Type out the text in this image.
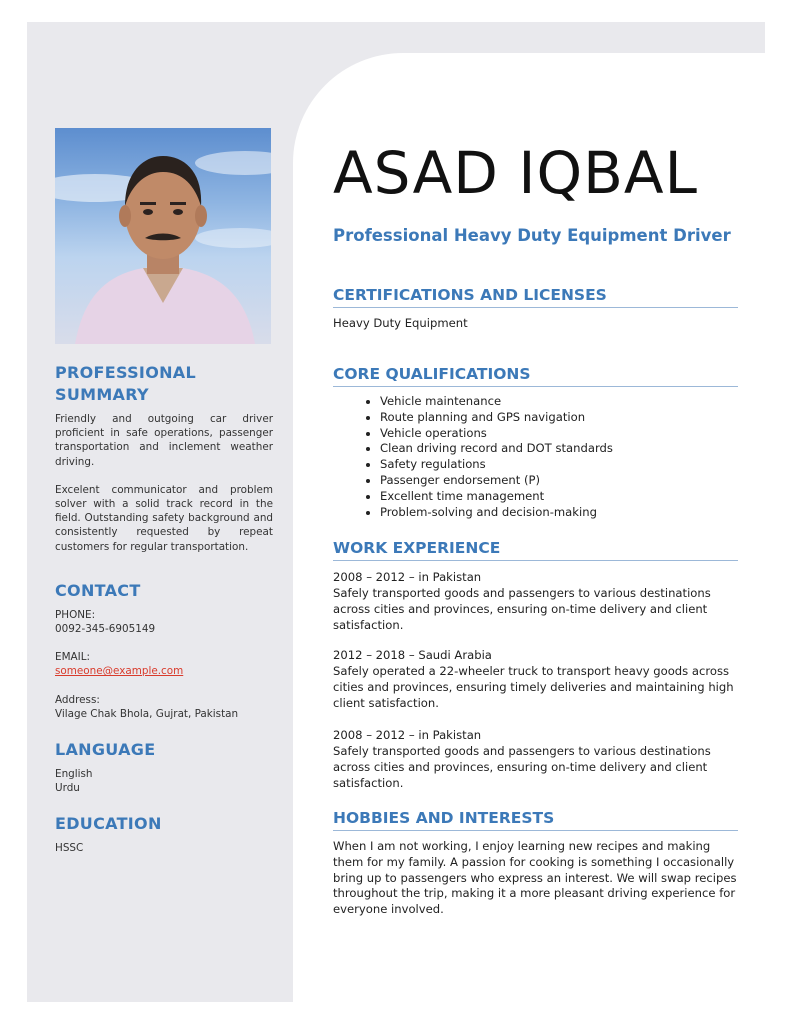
PROFESSIONAL SUMMARY

Friendly and outgoing car driver proficient in safe operations, passenger transportation and inclement weather driving.

Excelent communicator and problem solver with a solid track record in the field. Outstanding safety background and consistently requested by repeat customers for regular transportation.

CONTACT

PHONE:

0092-345-6905149

EMAIL:

someone@example.com

Address:

Vilage Chak Bhola, Gujrat, Pakistan

LANGUAGE

English

Urdu

EDUCATION

HSSC

ASAD IQBAL
Professional Heavy Duty Equipment Driver
CERTIFICATIONS AND LICENSES

Heavy Duty Equipment

CORE QUALIFICATIONS
• Vehicle maintenance
• Route planning and GPS navigation
• Vehicle operations
• Clean driving record and DOT standards
• Safety regulations
• Passenger endorsement (P)
• Excellent time management
• Problem-solving and decision-making
WORK EXPERIENCE

2008 – 2012 – in Pakistan

Safely transported goods and passengers to various destinations across cities and provinces, ensuring on-time delivery and client satisfaction.

2012 – 2018 – Saudi Arabia

Safely operated a 22-wheeler truck to transport heavy goods across cities and provinces, ensuring timely deliveries and maintaining high client satisfaction.

2008 – 2012 – in Pakistan

Safely transported goods and passengers to various destinations across cities and provinces, ensuring on-time delivery and client satisfaction.

HOBBIES AND INTERESTS

When I am not working, I enjoy learning new recipes and making them for my family. A passion for cooking is something I occasionally bring up to passengers who express an interest. We will swap recipes throughout the trip, making it a more pleasant driving experience for everyone involved.
